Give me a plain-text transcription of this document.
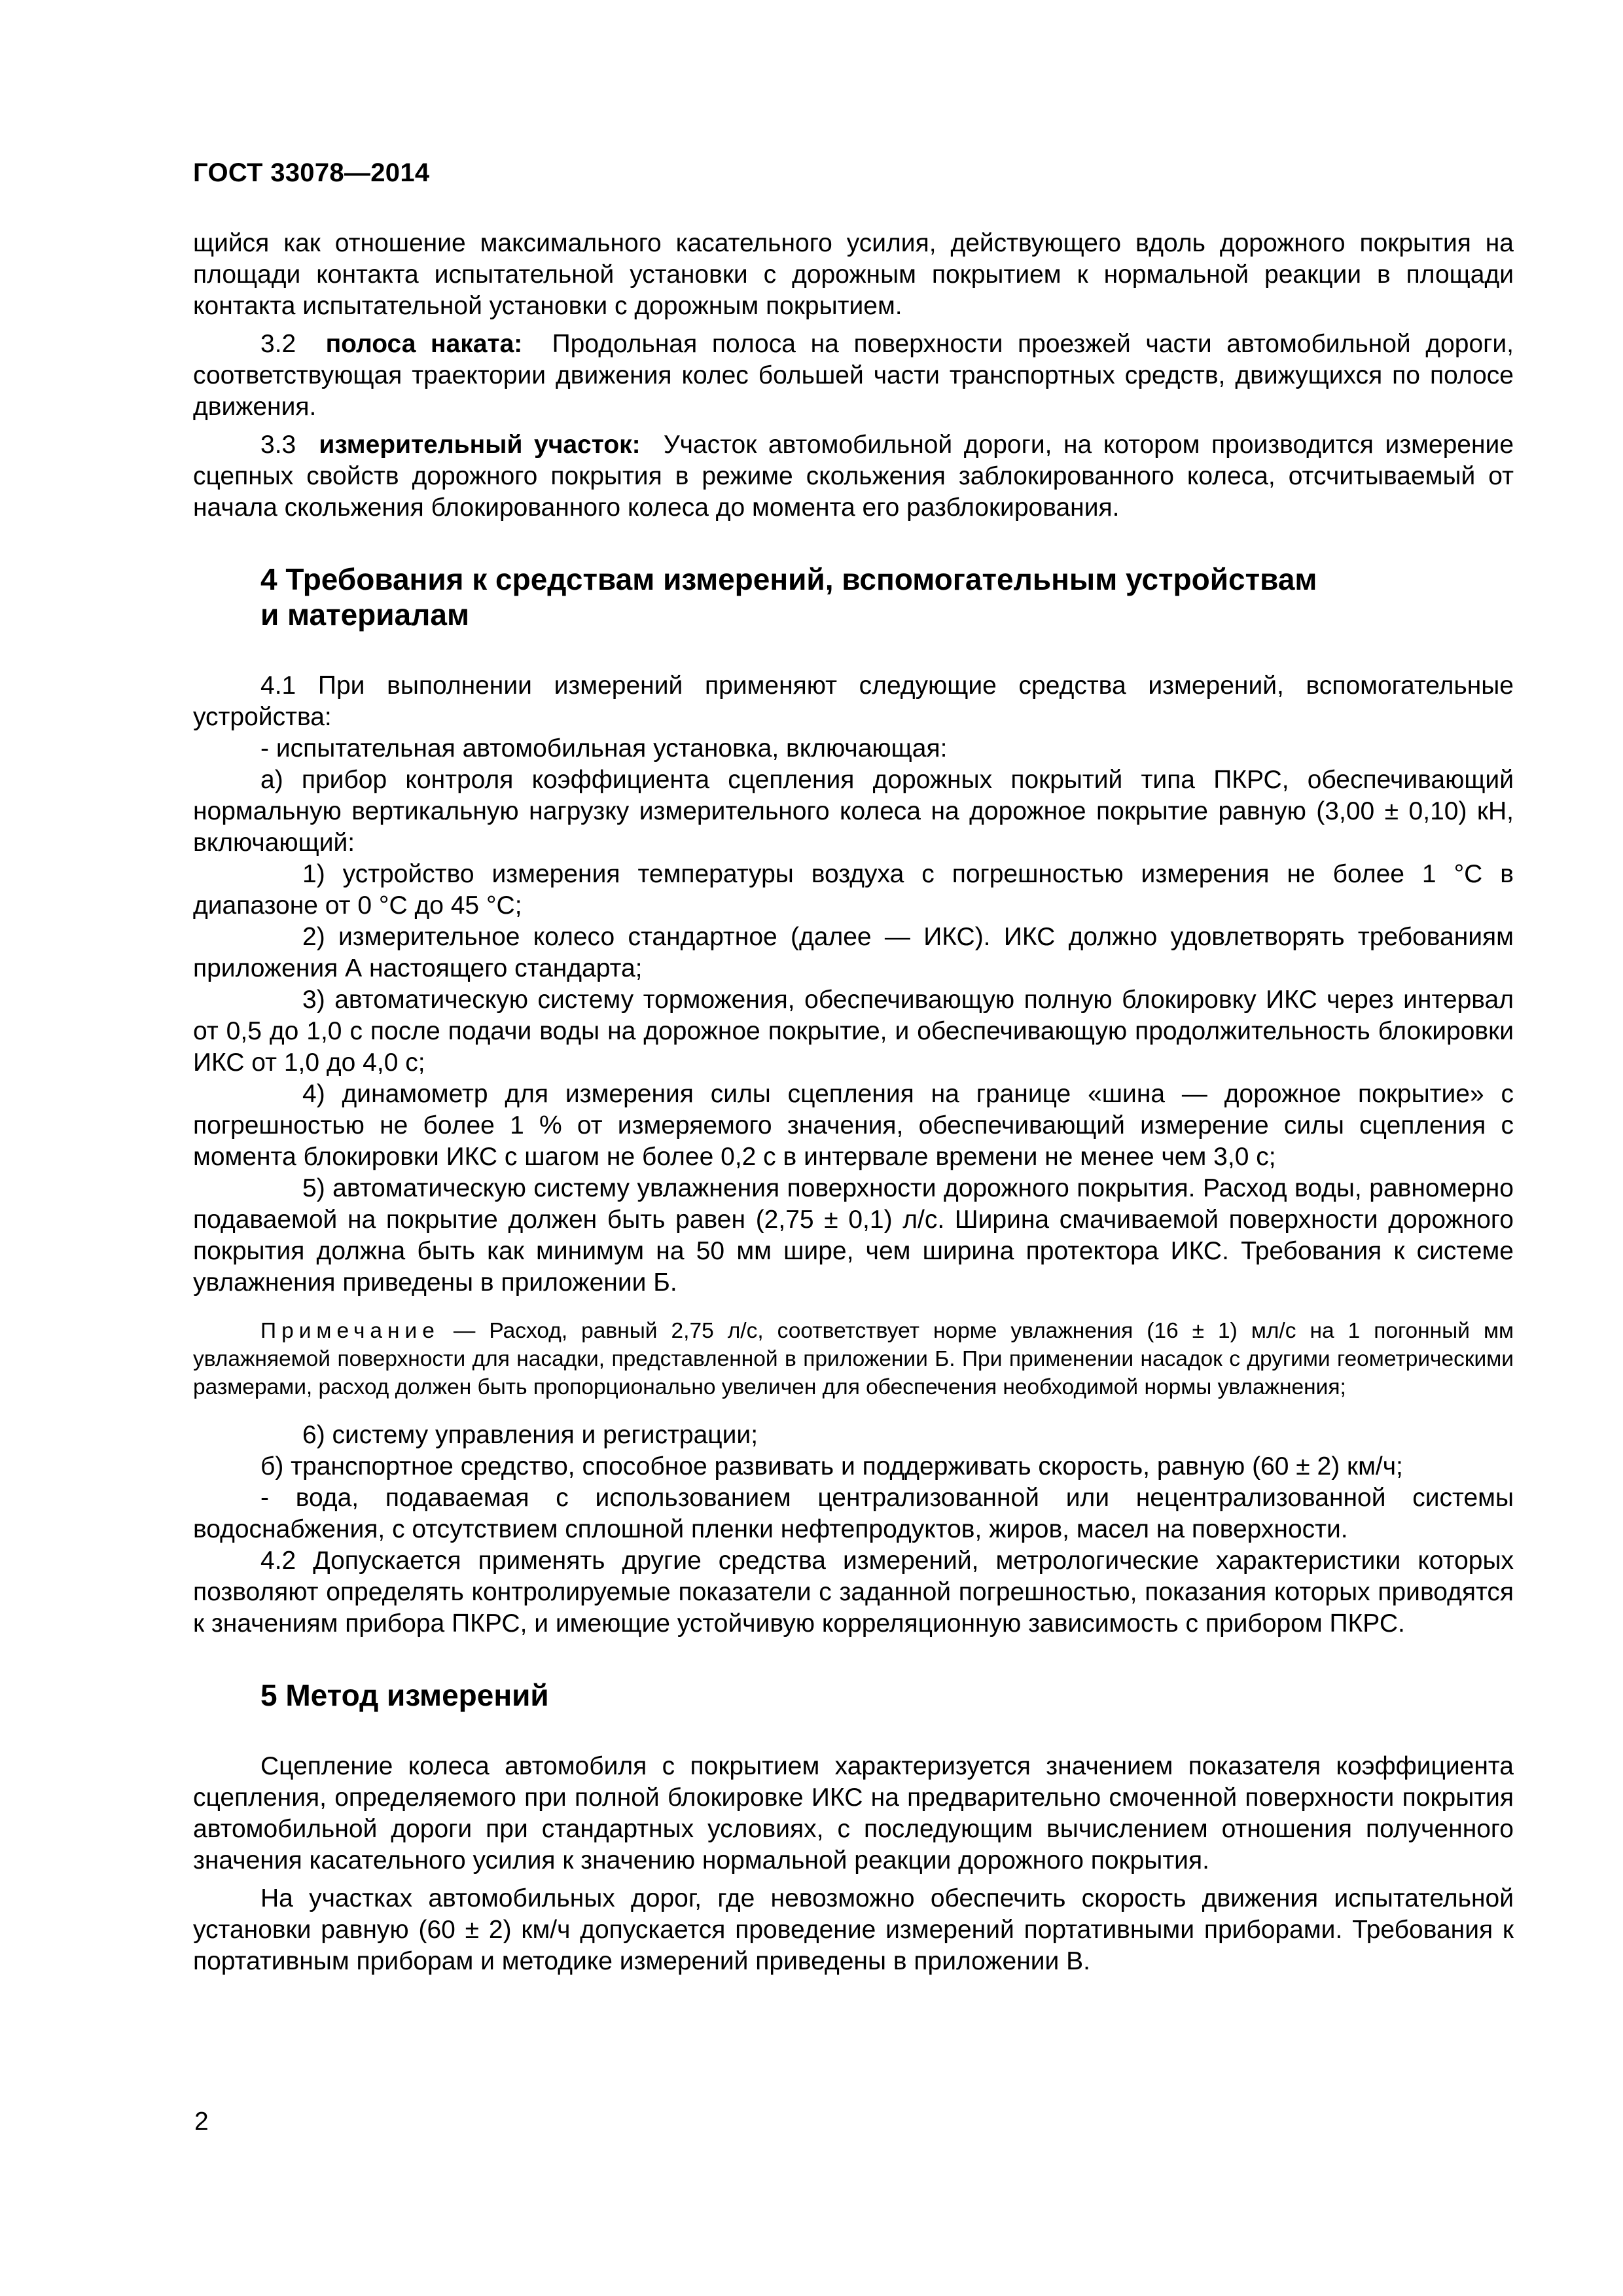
ГОСТ 33078—2014

щийся как отношение максимального касательного усилия, действующего вдоль дорожного покрытия на площади контакта испытательной установки с дорожным покрытием к нормальной реакции в площади контакта испытательной установки с дорожным покрытием.

3.2 полоса наката: Продольная полоса на поверхности проезжей части автомобильной дороги, соответствующая траектории движения колес большей части транспортных средств, движущихся по полосе движения.

3.3 измерительный участок: Участок автомобильной дороги, на котором производится измерение сцепных свойств дорожного покрытия в режиме скольжения заблокированного колеса, отсчитываемый от начала скольжения блокированного колеса до момента его разблокирования.

4 Требования к средствам измерений, вспомогательным устройствам
и материалам

4.1 При выполнении измерений применяют следующие средства измерений, вспомогательные устройства:

- испытательная автомобильная установка, включающая:

а) прибор контроля коэффициента сцепления дорожных покрытий типа ПКРС, обеспечивающий нормальную вертикальную нагрузку измерительного колеса на дорожное покрытие равную (3,00 ± 0,10) кН, включающий:

1) устройство измерения температуры воздуха с погрешностью измерения не более 1 °С в диапазоне от 0 °С до 45 °С;

2) измерительное колесо стандартное (далее — ИКС). ИКС должно удовлетворять требованиям приложения А настоящего стандарта;

3) автоматическую систему торможения, обеспечивающую полную блокировку ИКС через интервал от 0,5 до 1,0 с после подачи воды на дорожное покрытие, и обеспечивающую продолжительность блокировки ИКС от 1,0 до 4,0 с;

4) динамометр для измерения силы сцепления на границе «шина — дорожное покрытие» с погрешностью не более 1 % от измеряемого значения, обеспечивающий измерение силы сцепления с момента блокировки ИКС с шагом не более 0,2 с в интервале времени не менее чем 3,0 с;

5) автоматическую систему увлажнения поверхности дорожного покрытия. Расход воды, равномерно подаваемой на покрытие должен быть равен (2,75 ± 0,1) л/с. Ширина смачиваемой поверхности дорожного покрытия должна быть как минимум на 50 мм шире, чем ширина протектора ИКС. Требования к системе увлажнения приведены в приложении Б.

Примечание — Расход, равный 2,75 л/с, соответствует норме увлажнения (16 ± 1) мл/с на 1 погонный мм увлажняемой поверхности для насадки, представленной в приложении Б. При применении насадок с другими геометрическими размерами, расход должен быть пропорционально увеличен для обеспечения необходимой нормы увлажнения;

6) систему управления и регистрации;

б) транспортное средство, способное развивать и поддерживать скорость, равную (60 ± 2) км/ч;

- вода, подаваемая с использованием централизованной или нецентрализованной системы водоснабжения, с отсутствием сплошной пленки нефтепродуктов, жиров, масел на поверхности.

4.2 Допускается применять другие средства измерений, метрологические характеристики которых позволяют определять контролируемые показатели с заданной погрешностью, показания которых приводятся к значениям прибора ПКРС, и имеющие устойчивую корреляционную зависимость с прибором ПКРС.

5 Метод измерений

Сцепление колеса автомобиля с покрытием характеризуется значением показателя коэффициента сцепления, определяемого при полной блокировке ИКС на предварительно смоченной поверхности покрытия автомобильной дороги при стандартных условиях, с последующим вычислением отношения полученного значения касательного усилия к значению нормальной реакции дорожного покрытия.

На участках автомобильных дорог, где невозможно обеспечить скорость движения испытательной установки равную (60 ± 2) км/ч допускается проведение измерений портативными приборами. Требования к портативным приборам и методике измерений приведены в приложении В.

2
